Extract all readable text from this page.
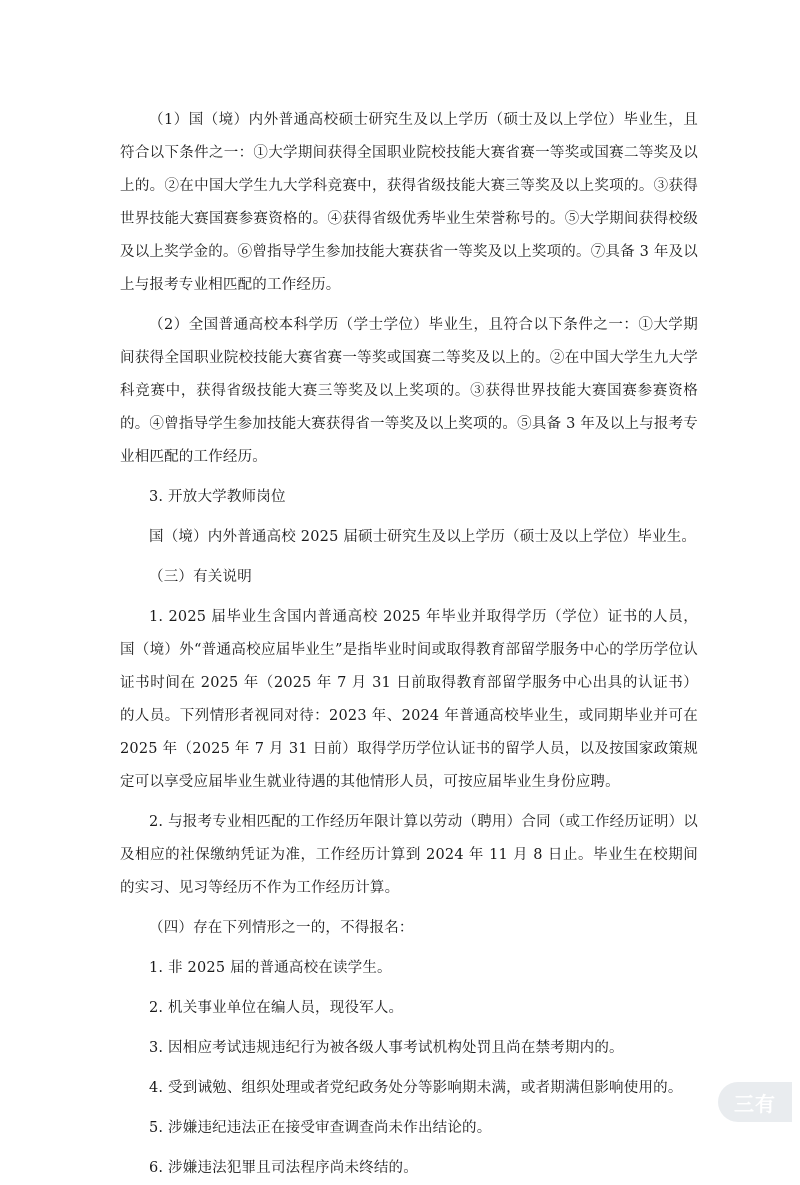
（1）国（境）内外普通高校硕士研究生及以上学历（硕士及以上学位）毕业生，且符合以下条件之一：①大学期间获得全国职业院校技能大赛省赛一等奖或国赛二等奖及以上的。②在中国大学生九大学科竞赛中，获得省级技能大赛三等奖及以上奖项的。③获得世界技能大赛国赛参赛资格的。④获得省级优秀毕业生荣誉称号的。⑤大学期间获得校级及以上奖学金的。⑥曾指导学生参加技能大赛获省一等奖及以上奖项的。⑦具备 3 年及以上与报考专业相匹配的工作经历。

（2）全国普通高校本科学历（学士学位）毕业生，且符合以下条件之一：①大学期间获得全国职业院校技能大赛省赛一等奖或国赛二等奖及以上的。②在中国大学生九大学科竞赛中，获得省级技能大赛三等奖及以上奖项的。③获得世界技能大赛国赛参赛资格的。④曾指导学生参加技能大赛获得省一等奖及以上奖项的。⑤具备 3 年及以上与报考专业相匹配的工作经历。

3. 开放大学教师岗位

国（境）内外普通高校 2025 届硕士研究生及以上学历（硕士及以上学位）毕业生。

（三）有关说明

1. 2025 届毕业生含国内普通高校 2025 年毕业并取得学历（学位）证书的人员，国（境）外“普通高校应届毕业生”是指毕业时间或取得教育部留学服务中心的学历学位认证书时间在 2025 年（2025 年 7 月 31 日前取得教育部留学服务中心出具的认证书）的人员。下列情形者视同对待：2023 年、2024 年普通高校毕业生，或同期毕业并可在 2025 年（2025 年 7 月 31 日前）取得学历学位认证书的留学人员，以及按国家政策规定可以享受应届毕业生就业待遇的其他情形人员，可按应届毕业生身份应聘。

2. 与报考专业相匹配的工作经历年限计算以劳动（聘用）合同（或工作经历证明）以及相应的社保缴纳凭证为准，工作经历计算到 2024 年 11 月 8 日止。毕业生在校期间的实习、见习等经历不作为工作经历计算。

（四）存在下列情形之一的，不得报名：

1. 非 2025 届的普通高校在读学生。

2. 机关事业单位在编人员，现役军人。

3. 因相应考试违规违纪行为被各级人事考试机构处罚且尚在禁考期内的。

4. 受到诫勉、组织处理或者党纪政务处分等影响期未满，或者期满但影响使用的。

5. 涉嫌违纪违法正在接受审查调查尚未作出结论的。

6. 涉嫌违法犯罪且司法程序尚未终结的。

三有
